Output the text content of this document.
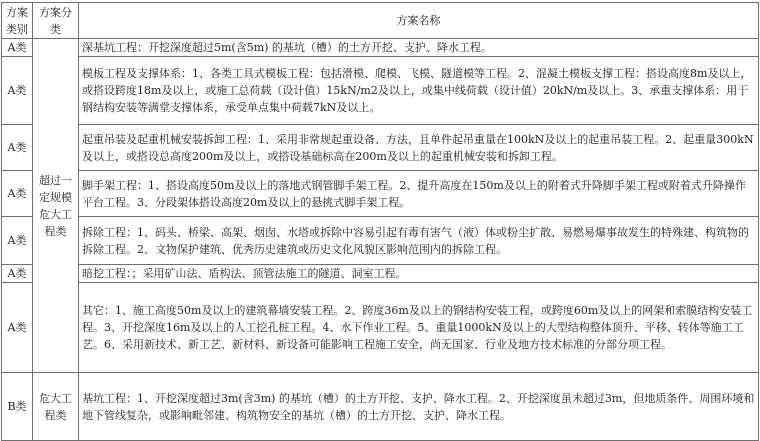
方案类别	方案分类	方案名称
A类	超过一定规模危大工程类	深基坑工程：开挖深度超过5m(含5m) 的基坑（槽）的土方开挖、支护、降水工程。
A类		模板工程及支撑体系：1、各类工具式模板工程：包括滑模、爬模、飞模、隧道模等工程。2、混凝土模板支撑工程：搭设高度8m及以上，或搭设跨度18m及以上，或施工总荷载（设计值）15kN/m2及以上，或集中线荷载（设计值）20kN/m及以上。3、承重支撑体系：用于钢结构安装等满堂支撑体系，承受单点集中荷载7kN及以上。
A类		起重吊装及起重机械安装拆卸工程：1、采用非常规起重设备、方法，且单件起吊重量在100kN及以上的起重吊装工程。2、起重量300kN及以上，或搭设总高度200m及以上，或搭设基础标高在200m及以上的起重机械安装和拆卸工程。
A类		脚手架工程：1、搭设高度50m及以上的落地式钢管脚手架工程。2、提升高度在150m及以上的附着式升降脚手架工程或附着式升降操作平台工程。3、分段架体搭设高度20m及以上的悬挑式脚手架工程。
A类		拆除工程：1、码头、桥梁、高架、烟囱、水塔或拆除中容易引起有毒有害气（液）体或粉尘扩散、易燃易爆事故发生的特殊建、构筑物的拆除工程。2、文物保护建筑、优秀历史建筑或历史文化风貌区影响范围内的拆除工程。
A类		暗挖工程：；采用矿山法、盾构法、顶管法施工的隧道、洞室工程。
A类		其它：1、施工高度50m及以上的建筑幕墙安装工程。2、跨度36m及以上的钢结构安装工程，或跨度60m及以上的网架和索膜结构安装工程。3、开挖深度16m及以上的人工挖孔桩工程。4、水下作业工程。5、重量1000kN及以上的大型结构整体顶升、平移、转体等施工工艺。6、采用新技术、新工艺、新材料、新设备可能影响工程施工安全，尚无国家、行业及地方技术标准的分部分项工程。
B类	危大工程类	基坑工程：1、开挖深度超过3m(含3m) 的基坑（槽）的土方开挖、支护、降水工程。2、开挖深度虽未超过3m，但地质条件、周围环境和地下管线复杂，或影响毗邻建、构筑物安全的基坑（槽）的土方开挖、支护、降水工程。
